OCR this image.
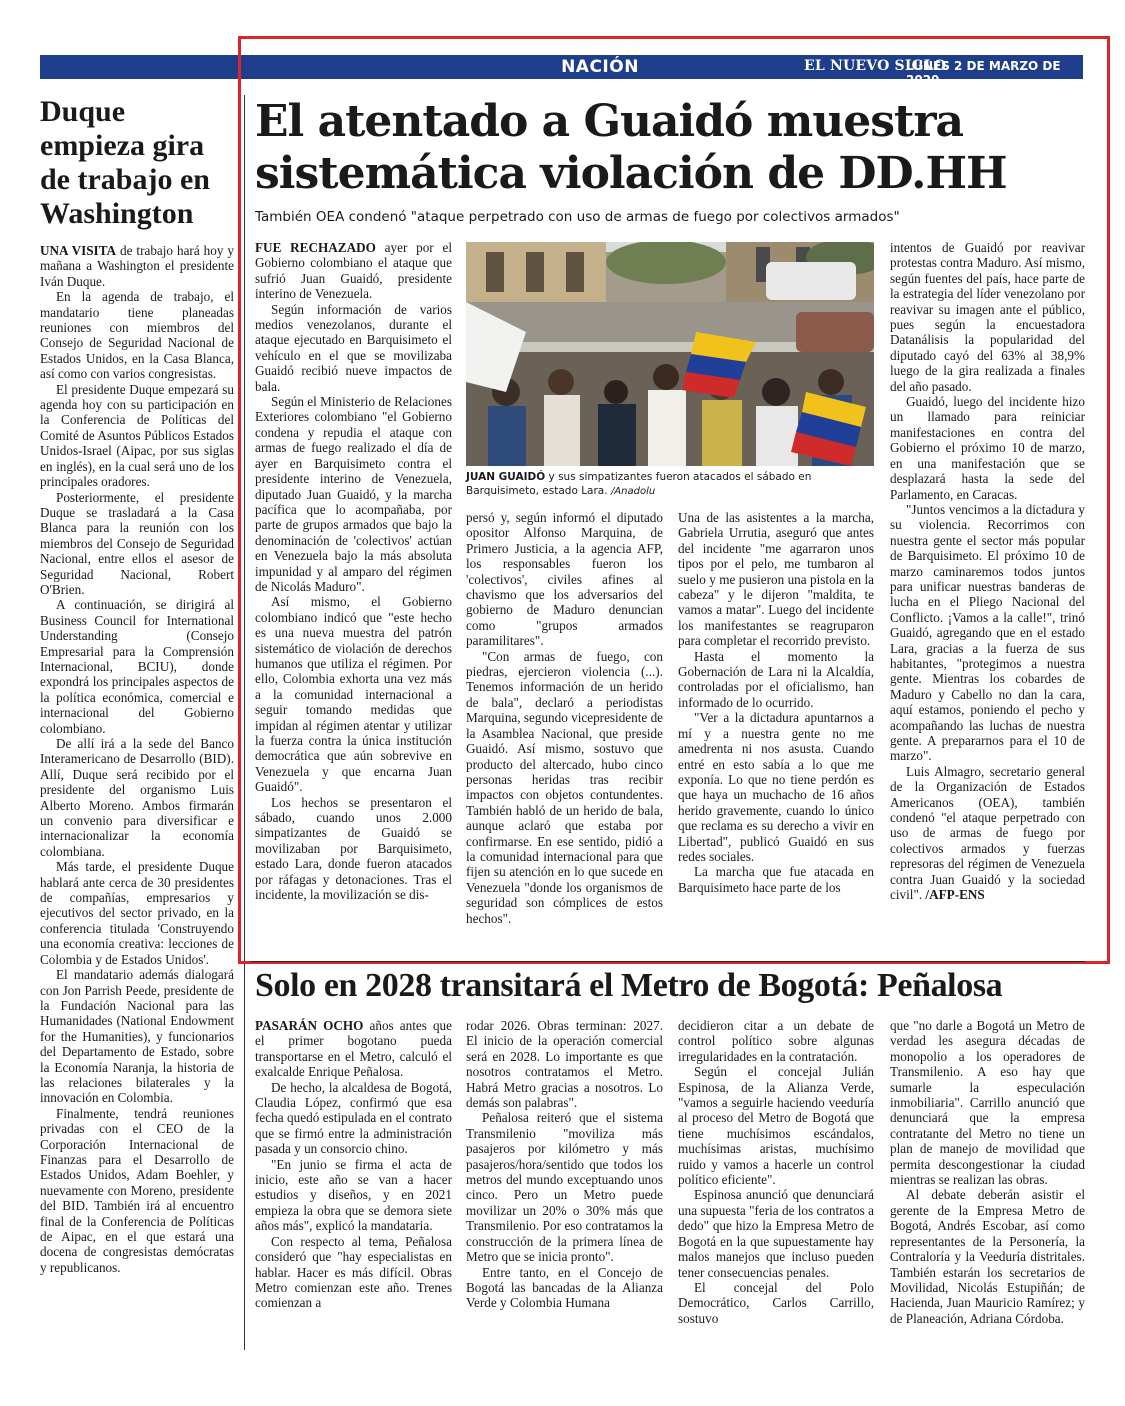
NACIÓN	EL NUEVO SIGLO
LUNES 2 DE MARZO DE 2020
9B
Duque empieza gira de trabajo en Washington

UNA VISITA de trabajo hará hoy y mañana a Washington el presidente Iván Duque.

En la agenda de trabajo, el mandatario tiene planeadas reuniones con miembros del Consejo de Seguridad Nacional de Estados Unidos, en la Casa Blanca, así como con varios congresistas.

El presidente Duque empezará su agenda hoy con su participación en la Conferencia de Políticas del Comité de Asuntos Públicos Estados Unidos-Israel (Aipac, por sus siglas en inglés), en la cual será uno de los principales oradores.

Posteriormente, el presidente Duque se trasladará a la Casa Blanca para la reunión con los miembros del Consejo de Seguridad Nacional, entre ellos el asesor de Seguridad Nacional, Robert O'Brien.

A continuación, se dirigirá al Business Council for International Understanding (Consejo Empresarial para la Comprensión Internacional, BCIU), donde expondrá los principales aspectos de la política económica, comercial e internacional del Gobierno colombiano.

De allí irá a la sede del Banco Interamericano de Desarrollo (BID). Allí, Duque será recibido por el presidente del organismo Luis Alberto Moreno. Ambos firmarán un convenio para diversificar e internacionalizar la economía colombiana.

Más tarde, el presidente Duque hablará ante cerca de 30 presidentes de compañías, empresarios y ejecutivos del sector privado, en la conferencia titulada 'Construyendo una economía creativa: lecciones de Colombia y de Estados Unidos'.

El mandatario además dialogará con Jon Parrish Peede, presidente de la Fundación Nacional para las Humanidades (National Endowment for the Humanities), y funcionarios del Departamento de Estado, sobre la Economía Naranja, la historia de las relaciones bilaterales y la innovación en Colombia.

Finalmente, tendrá reuniones privadas con el CEO de la Corporación Internacional de Finanzas para el Desarrollo de Estados Unidos, Adam Boehler, y nuevamente con Moreno, presidente del BID. También irá al encuentro final de la Conferencia de Políticas de Aipac, en el que estará una docena de congresistas demócratas y republicanos.

El atentado a Guaidó muestra
sistemática violación de DD.HH
También OEA condenó "ataque perpetrado con uso de armas de fuego por colectivos armados"

FUE RECHAZADO ayer por el Gobierno colombiano el ataque que sufrió Juan Guaidó, presidente interino de Venezuela.

Según información de varios medios venezolanos, durante el ataque ejecutado en Barquisimeto el vehículo en el que se movilizaba Guaidó recibió nueve impactos de bala.

Según el Ministerio de Relaciones Exteriores colombiano "el Gobierno condena y repudia el ataque con armas de fuego realizado el día de ayer en Barquisimeto contra el presidente interino de Venezuela, diputado Juan Guaidó, y la marcha pacífica que lo acompañaba, por parte de grupos armados que bajo la denominación de 'colectivos' actúan en Venezuela bajo la más absoluta impunidad y al amparo del régimen de Nicolás Maduro".

Así mismo, el Gobierno colombiano indicó que "este hecho es una nueva muestra del patrón sistemático de violación de derechos humanos que utiliza el régimen. Por ello, Colombia exhorta una vez más a la comunidad internacional a seguir tomando medidas que impidan al régimen atentar y utilizar la fuerza contra la única institución democrática que aún sobrevive en Venezuela y que encarna Juan Guaidó".

Los hechos se presentaron el sábado, cuando unos 2.000 simpatizantes de Guaidó se movilizaban por Barquisimeto, estado Lara, donde fueron atacados por ráfagas y detonaciones. Tras el incidente, la movilización se dis-

JUAN GUAIDÓ y sus simpatizantes fueron atacados el sábado en Barquisimeto, estado Lara. /Anadolu

persó y, según informó el diputado opositor Alfonso Marquina, de Primero Justicia, a la agencia AFP, los responsables fueron los 'colectivos', civiles afines al chavismo que los adversarios del gobierno de Maduro denuncian como "grupos armados paramilitares".

"Con armas de fuego, con piedras, ejercieron violencia (...). Tenemos información de un herido de bala", declaró a periodistas Marquina, segundo vicepresidente de la Asamblea Nacional, que preside Guaidó. Así mismo, sostuvo que producto del altercado, hubo cinco personas heridas tras recibir impactos con objetos contundentes. También habló de un herido de bala, aunque aclaró que estaba por confirmarse. En ese sentido, pidió a la comunidad internacional para que fijen su atención en lo que sucede en Venezuela "donde los organismos de seguridad son cómplices de estos hechos".

Una de las asistentes a la marcha, Gabriela Urrutia, aseguró que antes del incidente "me agarraron unos tipos por el pelo, me tumbaron al suelo y me pusieron una pistola en la cabeza" y le dijeron "maldita, te vamos a matar". Luego del incidente los manifestantes se reagruparon para completar el recorrido previsto.

Hasta el momento la Gobernación de Lara ni la Alcaldía, controladas por el oficialismo, han informado de lo ocurrido.

"Ver a la dictadura apuntarnos a mí y a nuestra gente no me amedrenta ni nos asusta. Cuando entré en esto sabía a lo que me exponía. Lo que no tiene perdón es que haya un muchacho de 16 años herido gravemente, cuando lo único que reclama es su derecho a vivir en Libertad", publicó Guaidó en sus redes sociales.

La marcha que fue atacada en Barquisimeto hace parte de los

intentos de Guaidó por reavivar protestas contra Maduro. Así mismo, según fuentes del país, hace parte de la estrategia del líder venezolano por reavivar su imagen ante el público, pues según la encuestadora Datanálisis la popularidad del diputado cayó del 63% al 38,9% luego de la gira realizada a finales del año pasado.

Guaidó, luego del incidente hizo un llamado para reiniciar manifestaciones en contra del Gobierno el próximo 10 de marzo, en una manifestación que se desplazará hasta la sede del Parlamento, en Caracas.

"Juntos vencimos a la dictadura y su violencia. Recorrimos con nuestra gente el sector más popular de Barquisimeto. El próximo 10 de marzo caminaremos todos juntos para unificar nuestras banderas de lucha en el Pliego Nacional del Conflicto. ¡Vamos a la calle!", trinó Guaidó, agregando que en el estado Lara, gracias a la fuerza de sus habitantes, "protegimos a nuestra gente. Mientras los cobardes de Maduro y Cabello no dan la cara, aquí estamos, poniendo el pecho y acompañando las luchas de nuestra gente. A prepararnos para el 10 de marzo".

Luis Almagro, secretario general de la Organización de Estados Americanos (OEA), también condenó "el ataque perpetrado con uso de armas de fuego por colectivos armados y fuerzas represoras del régimen de Venezuela contra Juan Guaidó y la sociedad civil". /AFP-ENS

Solo en 2028 transitará el Metro de Bogotá: Peñalosa

PASARÁN OCHO años antes que el primer bogotano pueda transportarse en el Metro, calculó el exalcalde Enrique Peñalosa.

De hecho, la alcaldesa de Bogotá, Claudia López, confirmó que esa fecha quedó estipulada en el contrato que se firmó entre la administración pasada y un consorcio chino.

"En junio se firma el acta de inicio, este año se van a hacer estudios y diseños, y en 2021 empieza la obra que se demora siete años más", explicó la mandataria.

Con respecto al tema, Peñalosa consideró que "hay especialistas en hablar. Hacer es más difícil. Obras Metro comienzan este año. Trenes comienzan a

rodar 2026. Obras terminan: 2027. El inicio de la operación comercial será en 2028. Lo importante es que nosotros contratamos el Metro. Habrá Metro gracias a nosotros. Lo demás son palabras".

Peñalosa reiteró que el sistema Transmilenio "moviliza más pasajeros por kilómetro y más pasajeros/hora/sentido que todos los metros del mundo exceptuando unos cinco. Pero un Metro puede movilizar un 20% o 30% más que Transmilenio. Por eso contratamos la construcción de la primera línea de Metro que se inicia pronto".

Entre tanto, en el Concejo de Bogotá las bancadas de la Alianza Verde y Colombia Humana

decidieron citar a un debate de control político sobre algunas irregularidades en la contratación.

Según el concejal Julián Espinosa, de la Alianza Verde, "vamos a seguirle haciendo veeduría al proceso del Metro de Bogotá que tiene muchísimos escándalos, muchísimas aristas, muchísimo ruido y vamos a hacerle un control político eficiente".

Espinosa anunció que denunciará una supuesta "feria de los contratos a dedo" que hizo la Empresa Metro de Bogotá en la que supuestamente hay malos manejos que incluso pueden tener consecuencias penales.

El concejal del Polo Democrático, Carlos Carrillo, sostuvo

que "no darle a Bogotá un Metro de verdad les asegura décadas de monopolio a los operadores de Transmilenio. A eso hay que sumarle la especulación inmobiliaria". Carrillo anunció que denunciará que la empresa contratante del Metro no tiene un plan de manejo de movilidad que permita descongestionar la ciudad mientras se realizan las obras.

Al debate deberán asistir el gerente de la Empresa Metro de Bogotá, Andrés Escobar, así como representantes de la Personería, la Contraloría y la Veeduría distritales. También estarán los secretarios de Movilidad, Nicolás Estupiñán; de Hacienda, Juan Mauricio Ramírez; y de Planeación, Adriana Córdoba.
